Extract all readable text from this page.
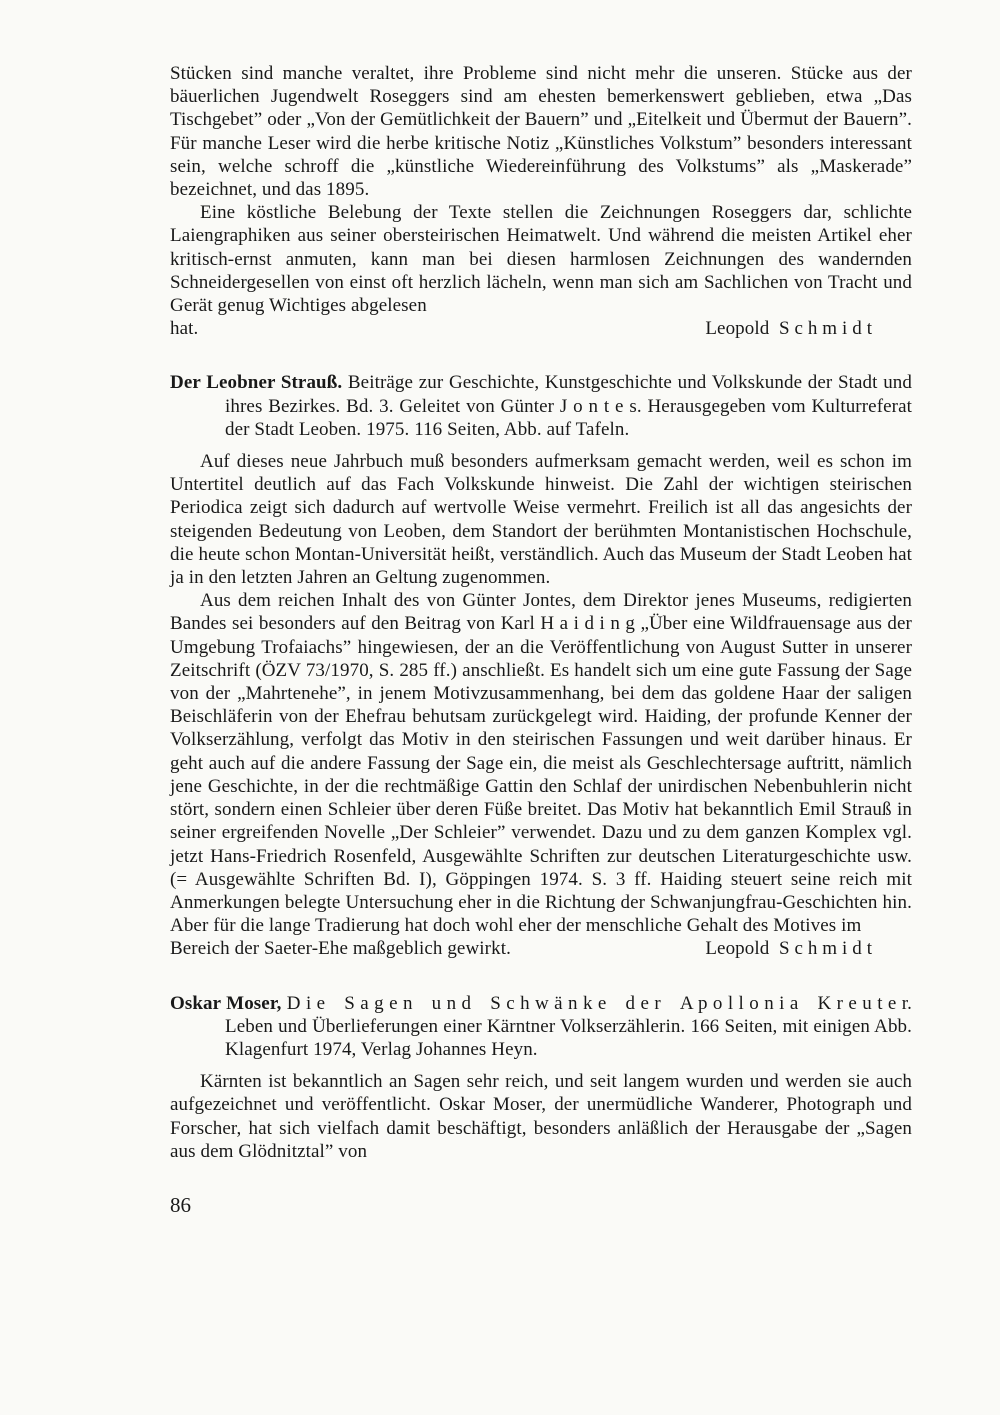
Stücken sind manche veraltet, ihre Probleme sind nicht mehr die unseren. Stücke aus der bäuerlichen Jugendwelt Roseggers sind am ehesten bemerkenswert geblieben, etwa „Das Tischgebet” oder „Von der Gemütlichkeit der Bauern” und „Eitelkeit und Übermut der Bauern”. Für manche Leser wird die herbe kritische Notiz „Künstliches Volkstum” besonders interessant sein, welche schroff die „künstliche Wiedereinführung des Volkstums” als „Maskerade” bezeichnet, und das 1895.

Eine köstliche Belebung der Texte stellen die Zeichnungen Roseggers dar, schlichte Laiengraphiken aus seiner obersteirischen Heimatwelt. Und während die meisten Artikel eher kritisch-ernst anmuten, kann man bei diesen harmlosen Zeichnungen des wandernden Schneidergesellen von einst oft herzlich lächeln, wenn man sich am Sachlichen von Tracht und Gerät genug Wichtiges abgelesen

hat.	Leopold S c h m i d t

Der Leobner Strauß. Beiträge zur Geschichte, Kunstgeschichte und Volkskunde der Stadt und ihres Bezirkes. Bd. 3. Geleitet von Günter J o n t e s. Herausgegeben vom Kulturreferat der Stadt Leoben. 1975. 116 Seiten, Abb. auf Tafeln.

Auf dieses neue Jahrbuch muß besonders aufmerksam gemacht werden, weil es schon im Untertitel deutlich auf das Fach Volkskunde hinweist. Die Zahl der wichtigen steirischen Periodica zeigt sich dadurch auf wertvolle Weise vermehrt. Freilich ist all das angesichts der steigenden Bedeutung von Leoben, dem Standort der berühmten Montanistischen Hochschule, die heute schon Montan-Universität heißt, verständlich. Auch das Museum der Stadt Leoben hat ja in den letzten Jahren an Geltung zugenommen.

Aus dem reichen Inhalt des von Günter Jontes, dem Direktor jenes Museums, redigierten Bandes sei besonders auf den Beitrag von Karl H a i d i n g „Über eine Wildfrauensage aus der Umgebung Trofaiachs” hingewiesen, der an die Veröffentlichung von August Sutter in unserer Zeitschrift (ÖZV 73/1970, S. 285 ff.) anschließt. Es handelt sich um eine gute Fassung der Sage von der „Mahrtenehe”, in jenem Motivzusammenhang, bei dem das goldene Haar der saligen Beischläferin von der Ehefrau behutsam zurückgelegt wird. Haiding, der profunde Kenner der Volkserzählung, verfolgt das Motiv in den steirischen Fassungen und weit darüber hinaus. Er geht auch auf die andere Fassung der Sage ein, die meist als Geschlechtersage auftritt, nämlich jene Geschichte, in der die rechtmäßige Gattin den Schlaf der unirdischen Nebenbuhlerin nicht stört, sondern einen Schleier über deren Füße breitet. Das Motiv hat bekanntlich Emil Strauß in seiner ergreifenden Novelle „Der Schleier” verwendet. Dazu und zu dem ganzen Komplex vgl. jetzt Hans-Friedrich Rosenfeld, Ausgewählte Schriften zur deutschen Literaturgeschichte usw. (= Ausgewählte Schriften Bd. I), Göppingen 1974. S. 3 ff. Haiding steuert seine reich mit Anmerkungen belegte Untersuchung eher in die Richtung der Schwanjungfrau-Geschichten hin. Aber für die lange Tradierung hat doch wohl eher der menschliche Gehalt des Motives im

Bereich der Saeter-Ehe maßgeblich gewirkt.	Leopold S c h m i d t

Oskar Moser, D i e S a g e n u n d S c h w ä n k e d e r A p o l l o n i a K r e u t e r. Leben und Überlieferungen einer Kärntner Volkserzählerin. 166 Seiten, mit einigen Abb. Klagenfurt 1974, Verlag Johannes Heyn.

Kärnten ist bekanntlich an Sagen sehr reich, und seit langem wurden und werden sie auch aufgezeichnet und veröffentlicht. Oskar Moser, der unermüdliche Wanderer, Photograph und Forscher, hat sich vielfach damit beschäftigt, besonders anläßlich der Herausgabe der „Sagen aus dem Glödnitztal” von

86
